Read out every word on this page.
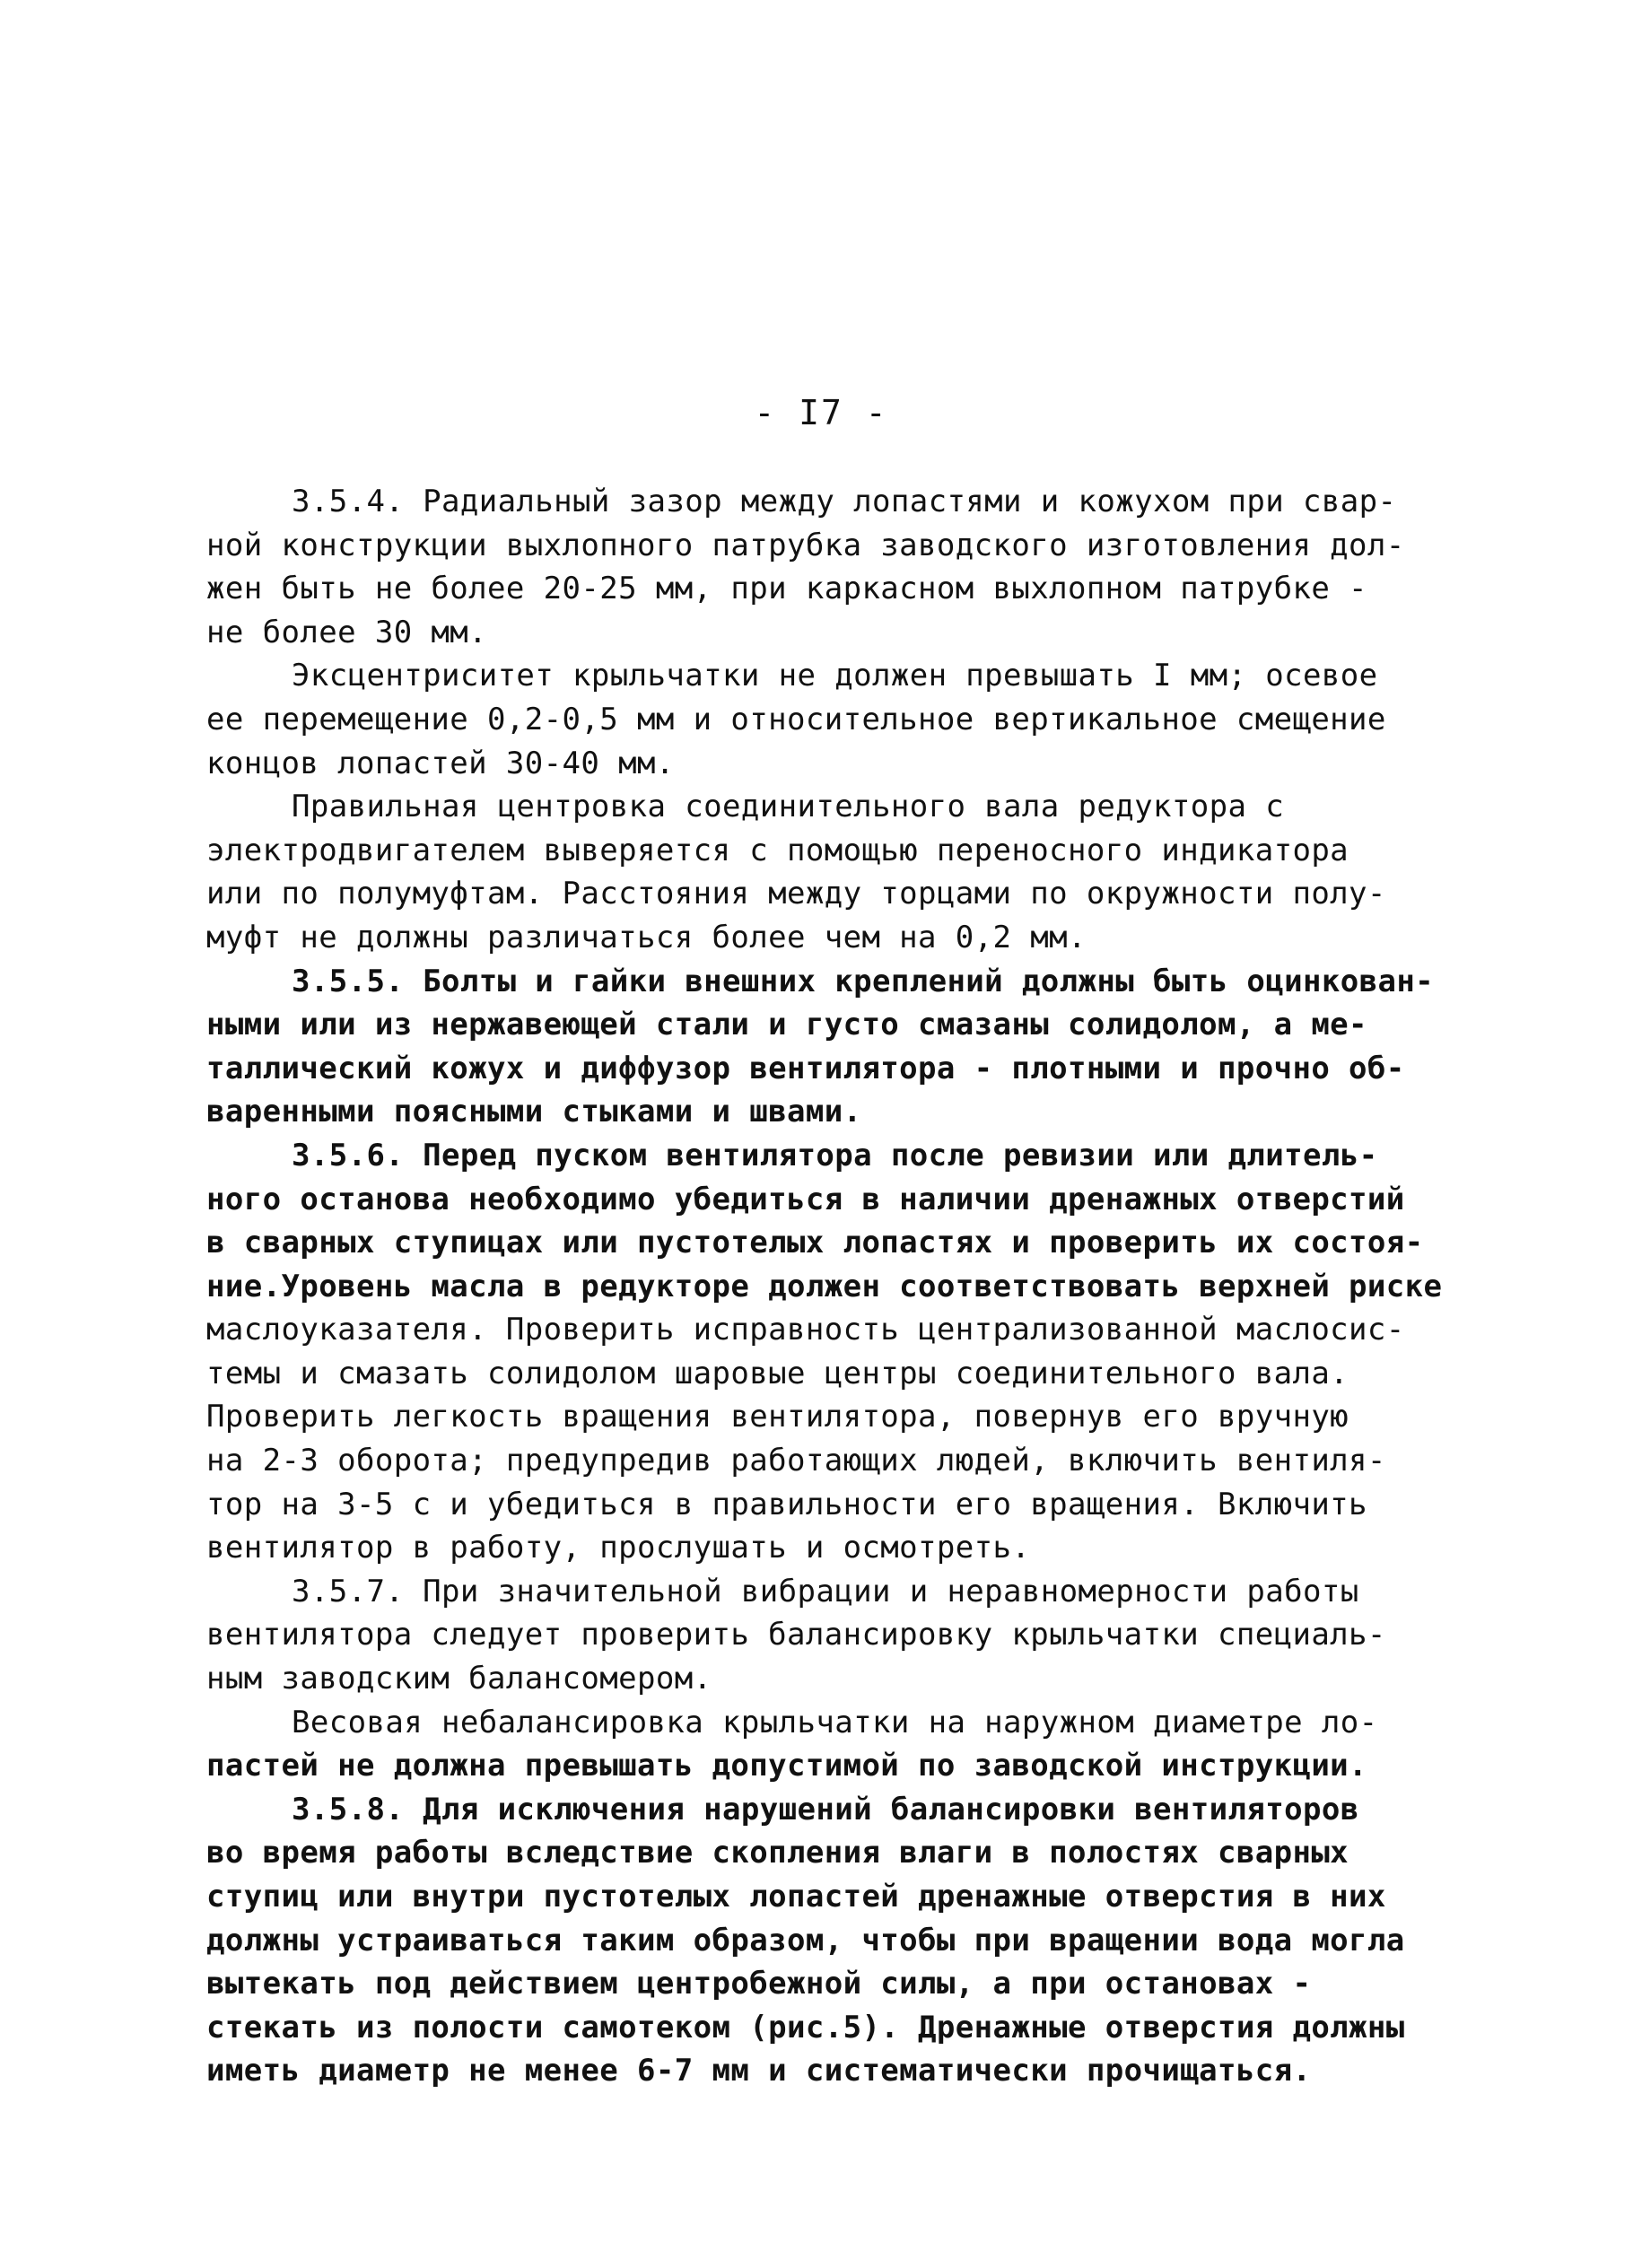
- I7 -
3.5.4. Радиальный зазор между лопастями и кожухом при свар-
ной конструкции выхлопного патрубка заводского изготовления дол-
жен быть не более 20-25 мм, при каркасном выхлопном патрубке -
не более 30 мм.
Эксцентриситет крыльчатки не должен превышать I мм; осевое
ее перемещение 0,2-0,5 мм и относительное вертикальное смещение
концов лопастей 30-40 мм.
Правильная центровка соединительного вала редуктора с
электродвигателем выверяется с помощью переносного индикатора
или по полумуфтам. Расстояния между торцами по окружности полу-
муфт не должны различаться более чем на 0,2 мм.
3.5.5. Болты и гайки внешних креплений должны быть оцинкован-
ными или из нержавеющей стали и густо смазаны солидолом, а ме-
таллический кожух и диффузор вентилятора - плотными и прочно об-
варенными поясными стыками и швами.
3.5.6. Перед пуском вентилятора после ревизии или длитель-
ного останова необходимо убедиться в наличии дренажных отверстий
в сварных ступицах или пустотелых лопастях и проверить их состоя-
ние.Уровень масла в редукторе должен соответствовать верхней риске
маслоуказателя. Проверить исправность централизованной маслосис-
темы и смазать солидолом шаровые центры соединительного вала.
Проверить легкость вращения вентилятора, повернув его вручную
на 2-3 оборота; предупредив работающих людей, включить вентиля-
тор на 3-5 с и убедиться в правильности его вращения. Включить
вентилятор в работу, прослушать и осмотреть.
3.5.7. При значительной вибрации и неравномерности работы
вентилятора следует проверить балансировку крыльчатки специаль-
ным заводским балансомером.
Весовая небалансировка крыльчатки на наружном диаметре ло-
пастей не должна превышать допустимой по заводской инструкции.
3.5.8. Для исключения нарушений балансировки вентиляторов
во время работы вследствие скопления влаги в полостях сварных
ступиц или внутри пустотелых лопастей дренажные отверстия в них
должны устраиваться таким образом, чтобы при вращении вода могла
вытекать под действием центробежной силы, а при остановах -
стекать из полости самотеком (рис.5). Дренажные отверстия должны
иметь диаметр не менее 6-7 мм и систематически прочищаться.
